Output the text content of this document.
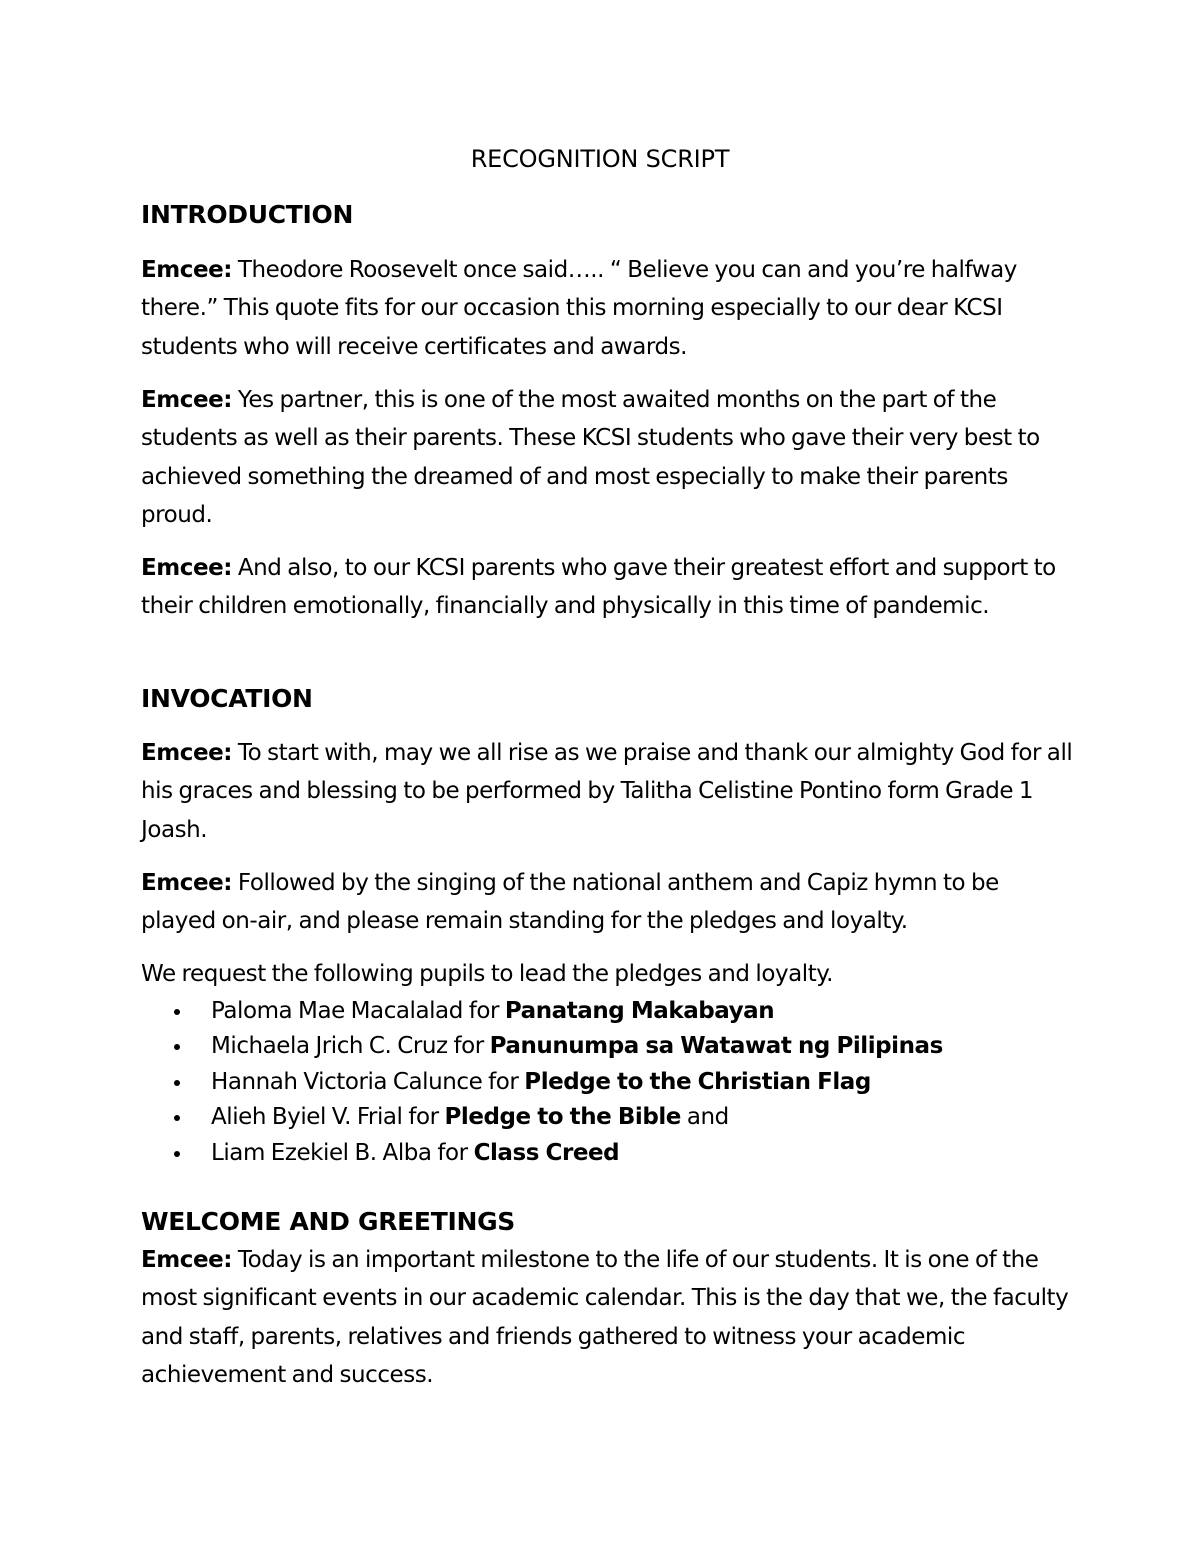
RECOGNITION SCRIPT
INTRODUCTION

Emcee: Theodore Roosevelt once said….. “ Believe you can and you’re halfway there.” This quote fits for our occasion this morning especially to our dear KCSI students who will receive certificates and awards.

Emcee: Yes partner, this is one of the most awaited months on the part of the students as well as their parents. These KCSI students who gave their very best to achieved something the dreamed of and most especially to make their parents proud.

Emcee: And also, to our KCSI parents who gave their greatest effort and support to their children emotionally, financially and physically in this time of pandemic.

INVOCATION

Emcee: To start with, may we all rise as we praise and thank our almighty God for all his graces and blessing to be performed by Talitha Celistine Pontino form Grade 1 Joash.

Emcee: Followed by the singing of the national anthem and Capiz hymn to be played on-air, and please remain standing for the pledges and loyalty.

We request the following pupils to lead the pledges and loyalty.

Paloma Mae Macalalad for Panatang Makabayan
Michaela Jrich C. Cruz for Panunumpa sa Watawat ng Pilipinas
Hannah Victoria Calunce for Pledge to the Christian Flag
Alieh Byiel V. Frial for Pledge to the Bible and
Liam Ezekiel B. Alba for Class Creed
WELCOME AND GREETINGS

Emcee: Today is an important milestone to the life of our students. It is one of the most significant events in our academic calendar. This is the day that we, the faculty and staff, parents, relatives and friends gathered to witness your academic achievement and success.
